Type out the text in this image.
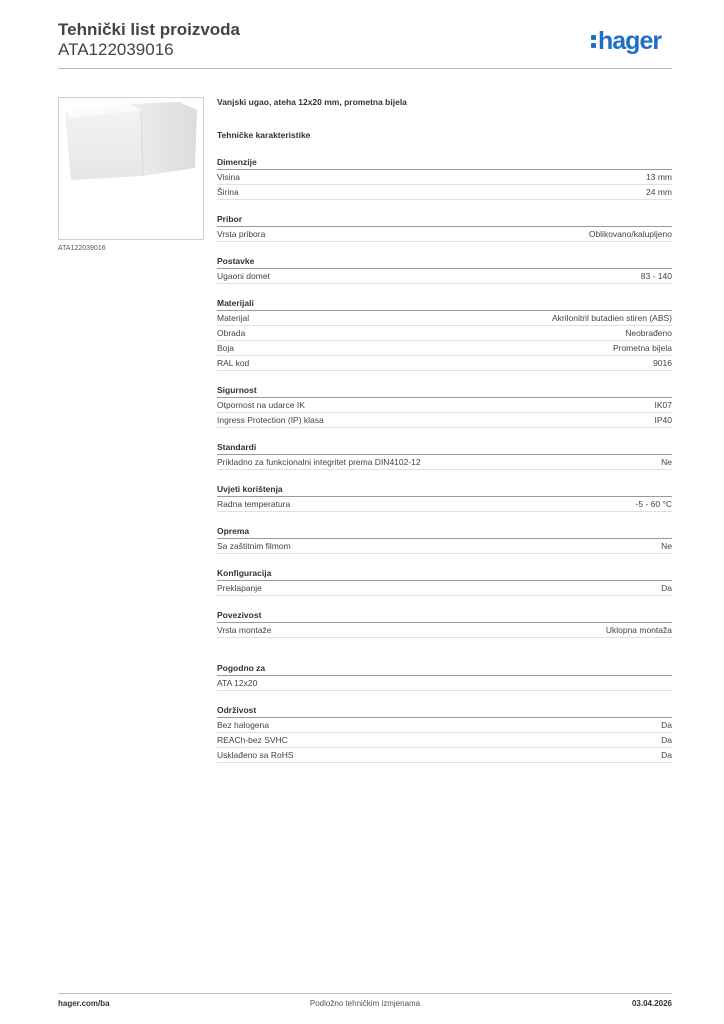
Tehnički list proizvoda
ATA122039016	hager
ATA122039016
Vanjski ugao, ateha 12x20 mm, prometna bijela
Tehničke karakteristike
Dimenzije
Visina	13 mm
Širina	24 mm
Pribor
Vrsta pribora	Oblikovano/kalupljeno
Postavke
Ugaoni domet	83 - 140
Materijali
Materijal	Akrilonitril butadien stiren (ABS)
Obrada	Neobrađeno
Boja	Prometna bijela
RAL kod	9016
Sigurnost
Otpornost na udarce IK	IK07
Ingress Protection (IP) klasa	IP40
Standardi
Prikladno za funkcionalni integritet prema DIN4102-12	Ne
Uvjeti korištenja
Radna temperatura	-5 - 60 °C
Oprema
Sa zaštitnim filmom	Ne
Konfiguracija
Preklapanje	Da
Povezivost
Vrsta montaže	Uklopna montaža
Pogodno za
ATA 12x20
Održivost
Bez halogena	Da
REACh-bez SVHC	Da
Usklađeno sa RoHS	Da
hager.com/ba	Podložno tehničkim izmjenama	03.04.2026
